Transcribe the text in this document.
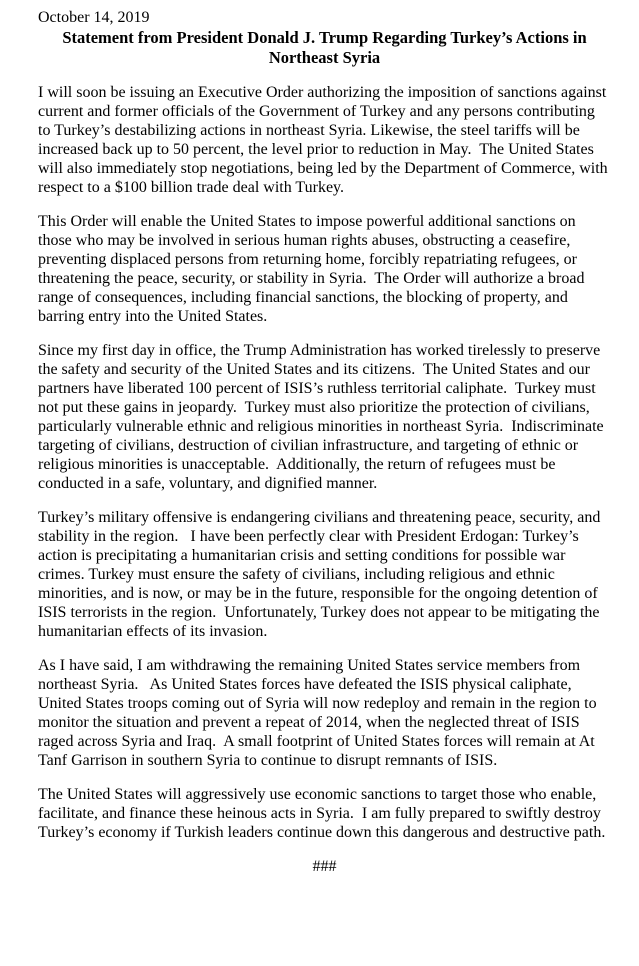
October 14, 2019
Statement from President Donald J. Trump Regarding Turkey’s Actions in
Northeast Syria

I will soon be issuing an Executive Order authorizing the imposition of sanctions against current and former officials of the Government of Turkey and any persons contributing to Turkey’s destabilizing actions in northeast Syria. Likewise, the steel tariffs will be increased back up to 50 percent, the level prior to reduction in May.  The United States will also immediately stop negotiations, being led by the Department of Commerce, with respect to a $100 billion trade deal with Turkey.

This Order will enable the United States to impose powerful additional sanctions on those who may be involved in serious human rights abuses, obstructing a ceasefire, preventing displaced persons from returning home, forcibly repatriating refugees, or threatening the peace, security, or stability in Syria.  The Order will authorize a broad range of consequences, including financial sanctions, the blocking of property, and barring entry into the United States.

Since my first day in office, the Trump Administration has worked tirelessly to preserve the safety and security of the United States and its citizens.  The United States and our partners have liberated 100 percent of ISIS’s ruthless territorial caliphate.  Turkey must not put these gains in jeopardy.  Turkey must also prioritize the protection of civilians, particularly vulnerable ethnic and religious minorities in northeast Syria.  Indiscriminate targeting of civilians, destruction of civilian infrastructure, and targeting of ethnic or religious minorities is unacceptable.  Additionally, the return of refugees must be conducted in a safe, voluntary, and dignified manner.

Turkey’s military offensive is endangering civilians and threatening peace, security, and stability in the region.   I have been perfectly clear with President Erdogan: Turkey’s action is precipitating a humanitarian crisis and setting conditions for possible war crimes. Turkey must ensure the safety of civilians, including religious and ethnic minorities, and is now, or may be in the future, responsible for the ongoing detention of ISIS terrorists in the region.  Unfortunately, Turkey does not appear to be mitigating the humanitarian effects of its invasion.

As I have said, I am withdrawing the remaining United States service members from northeast Syria.   As United States forces have defeated the ISIS physical caliphate, United States troops coming out of Syria will now redeploy and remain in the region to monitor the situation and prevent a repeat of 2014, when the neglected threat of ISIS raged across Syria and Iraq.  A small footprint of United States forces will remain at At Tanf Garrison in southern Syria to continue to disrupt remnants of ISIS.

The United States will aggressively use economic sanctions to target those who enable, facilitate, and finance these heinous acts in Syria.  I am fully prepared to swiftly destroy Turkey’s economy if Turkish leaders continue down this dangerous and destructive path.

###
